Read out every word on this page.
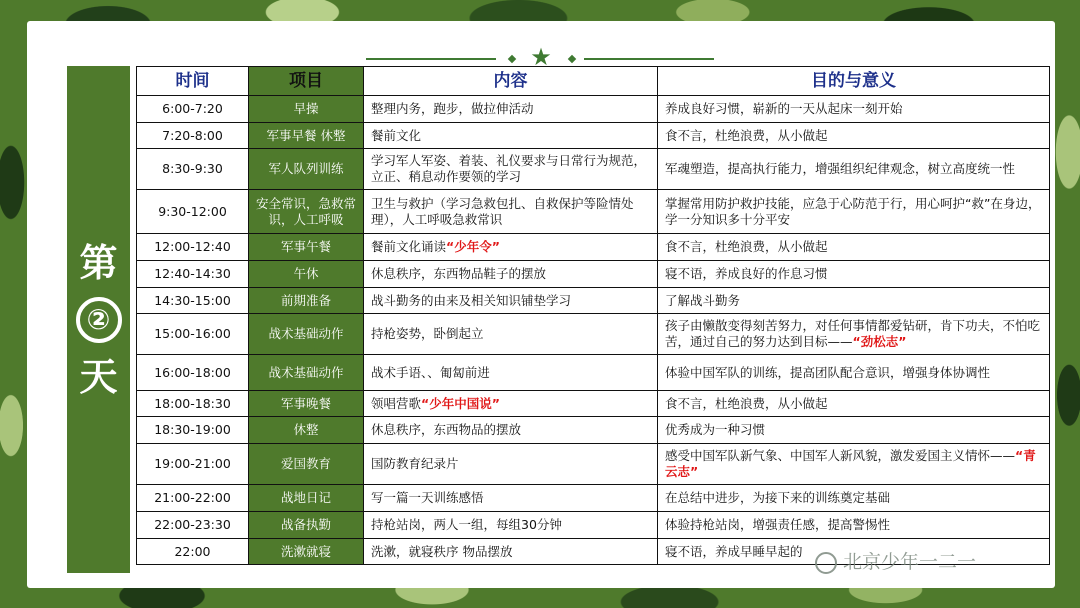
★
第
②
天
时间	项目	内容	目的与意义
6:00-7:20	早操	整理内务，跑步，做拉伸活动	养成良好习惯，崭新的一天从起床一刻开始
7:20-8:00	军事早餐 休整	餐前文化	食不言，杜绝浪费，从小做起
8:30-9:30	军人队列训练	学习军人军姿、着装、礼仪要求与日常行为规范，立正、稍息动作要领的学习	军魂塑造，提高执行能力，增强组织纪律观念，树立高度统一性
9:30-12:00	安全常识，急救常识，人工呼吸	卫生与救护（学习急救包扎、自救保护等险情处理），人工呼吸急救常识	掌握常用防护救护技能，应急于心防范于行，用心呵护“救”在身边，学一分知识多十分平安
12:00-12:40	军事午餐	餐前文化诵读“少年令”	食不言，杜绝浪费，从小做起
12:40-14:30	午休	休息秩序，东西物品鞋子的摆放	寝不语，养成良好的作息习惯
14:30-15:00	前期准备	战斗勤务的由来及相关知识铺垫学习	了解战斗勤务
15:00-16:00	战术基础动作	持枪姿势，卧倒起立	孩子由懒散变得刻苦努力，对任何事情都爱钻研，肯下功夫，不怕吃苦，通过自己的努力达到目标——“劲松志”
16:00-18:00	战术基础动作	战术手语、、匍匐前进	体验中国军队的训练，提高团队配合意识，增强身体协调性
18:00-18:30	军事晚餐	领唱营歌“少年中国说”	食不言，杜绝浪费，从小做起
18:30-19:00	休整	休息秩序，东西物品的摆放	优秀成为一种习惯
19:00-21:00	爱国教育	国防教育纪录片	感受中国军队新气象、中国军人新风貌，激发爱国主义情怀——“青云志”
21:00-22:00	战地日记	写一篇一天训练感悟	在总结中进步，为接下来的训练奠定基础
22:00-23:30	战备执勤	持枪站岗，两人一组，每组30分钟	体验持枪站岗，增强责任感，提高警惕性
22:00	洗漱就寝	洗漱，就寝秩序 物品摆放	寝不语，养成早睡早起的	北京少年一二一
